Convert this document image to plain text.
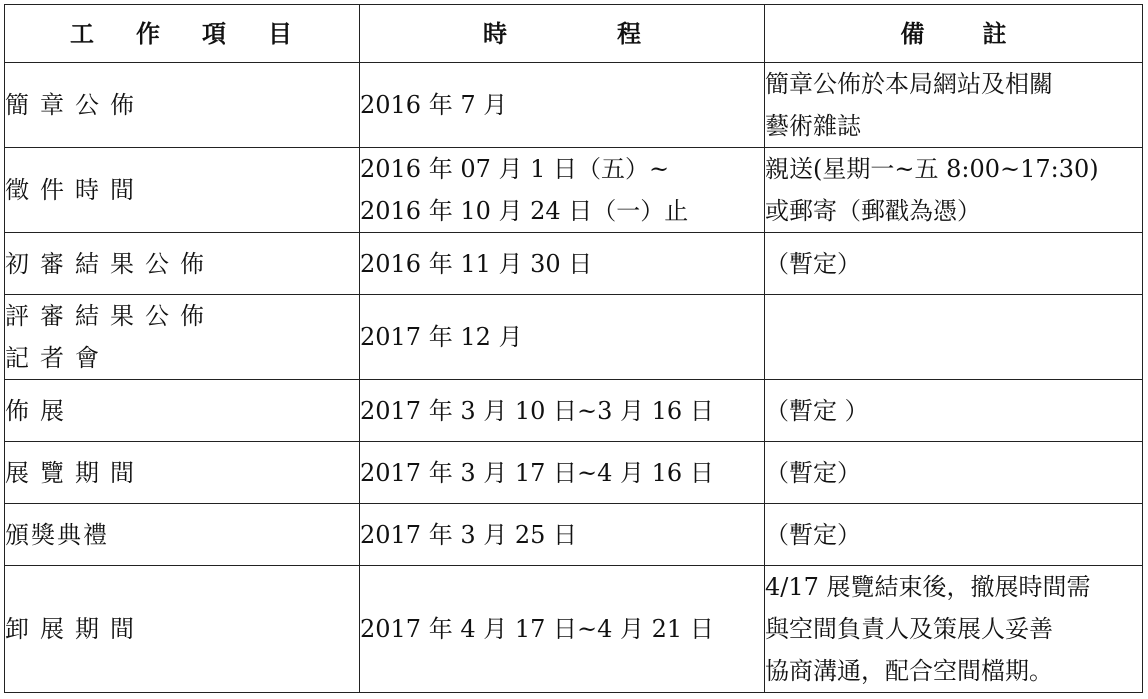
工作項目	時程	備註

簡章公佈	2016 年 7 月	簡章公佈於本局網站及相關
藝術雜誌

徵件時間	2016 年 07 月 1 日（五）~
2016 年 10 月 24 日（一）止	親送(星期一~五 8:00~17:30)
或郵寄（郵戳為憑）

初審結果公佈	2016 年 11 月 30 日	（暫定）

評審結果公佈
記者會	2017 年 12 月	

佈展	2017 年 3 月 10 日~3 月 16 日	（暫定 ）

展覽期間	2017 年 3 月 17 日~4 月 16 日	（暫定）

頒獎典禮	2017 年 3 月 25 日	（暫定）

卸展期間	2017 年 4 月 17 日~4 月 21 日	4/17 展覽結束後，撤展時間需
與空間負責人及策展人妥善
協商溝通，配合空間檔期。
